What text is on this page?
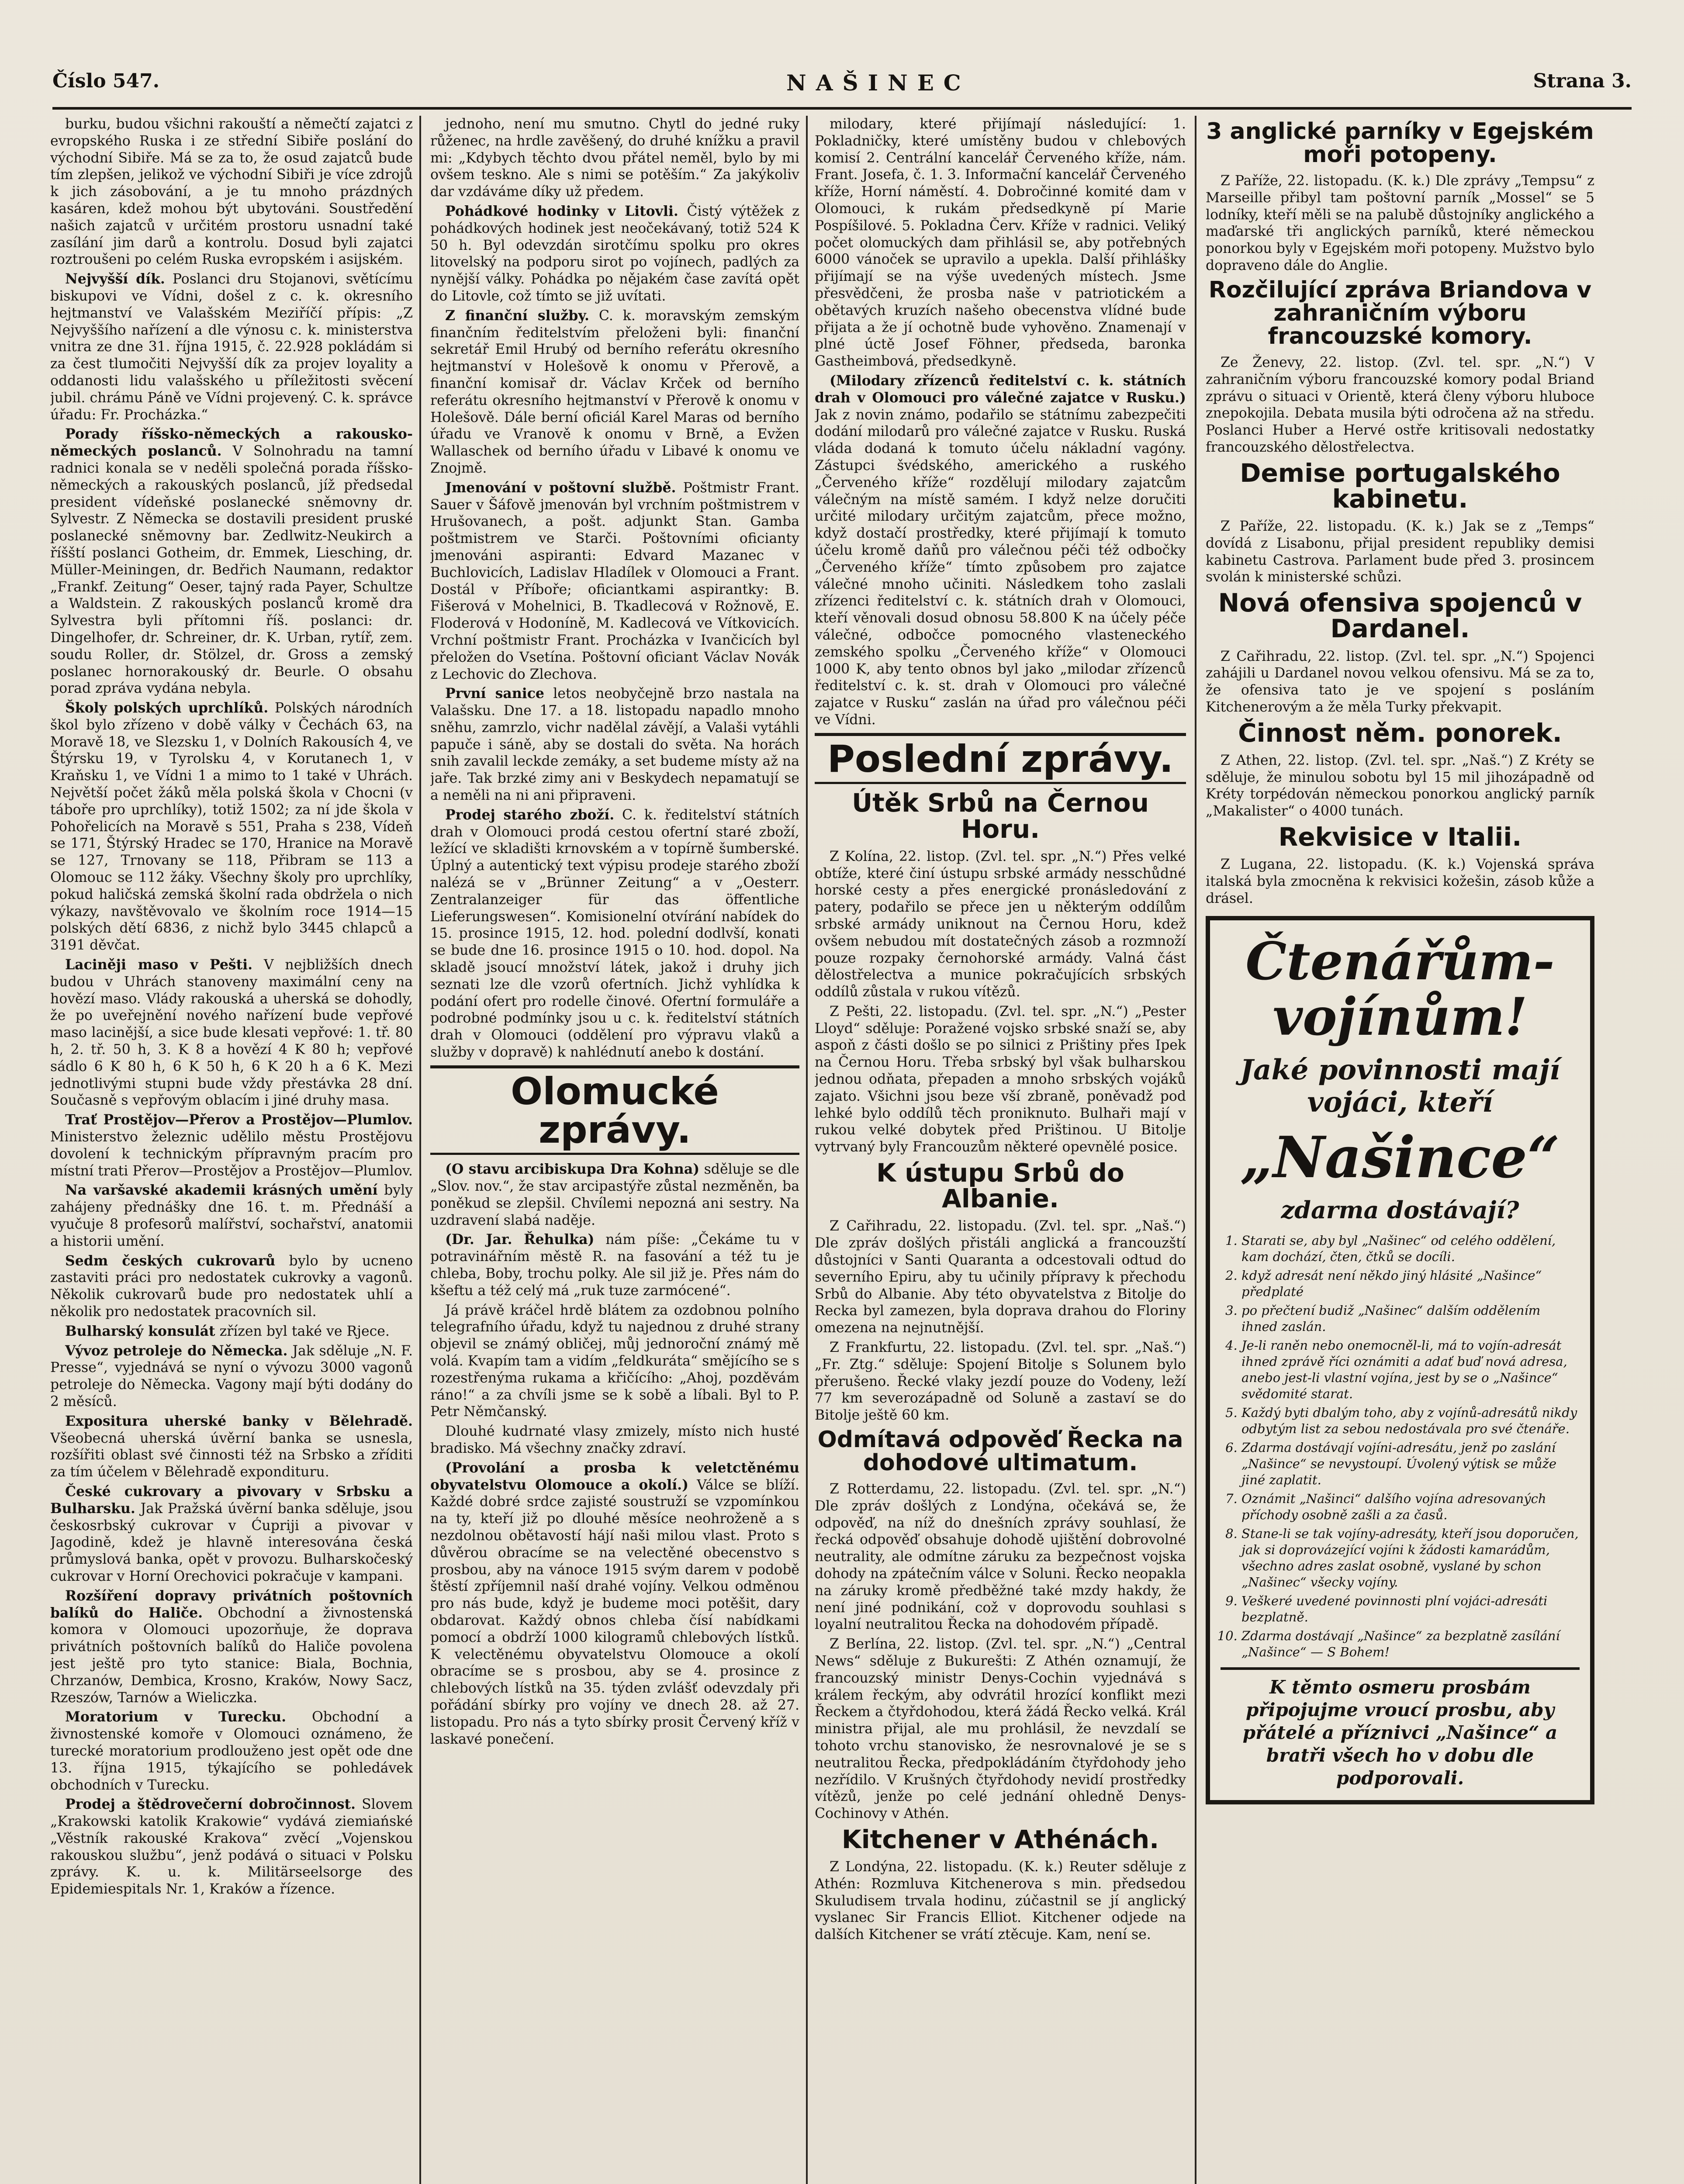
Číslo 547.	NAŠINEC	Strana 3.

burku, budou všichni rakouští a němečtí zajatci z evropského Ruska i ze střední Sibiře poslání do východní Sibiře. Má se za to, že osud zajatců bude tím zlepšen, jelikož ve východní Sibiři je více zdrojů k jich zásobování, a je tu mnoho prázdných kasáren, kdež mohou být ubytováni. Soustředění našich zajatců v určitém prostoru usnadní také zasílání jim darů a kontrolu. Dosud byli zajatci roztroušeni po celém Ruska evropském i asijském.

Nejvyšší dík. Poslanci dru Stojanovi, světícímu biskupovi ve Vídni, došel z c. k. okresního hejtmanství ve Valašském Meziříčí přípis: „Z Nejvyššího nařízení a dle výnosu c. k. ministerstva vnitra ze dne 31. října 1915, č. 22.928 pokládám si za čest tlumočiti Nejvyšší dík za projev loyality a oddanosti lidu valašského u příležitosti svěcení jubil. chrámu Páně ve Vídni projevený. C. k. správce úřadu: Fr. Procházka.“

Porady říšsko-německých a rakousko-německých poslanců. V Solnohradu na tamní radnici konala se v neděli společná porada říšsko-německých a rakouských poslanců, jíž předsedal president vídeňské poslanecké sněmovny dr. Sylvestr. Z Německa se dostavili president pruské poslanecké sněmovny bar. Zedlwitz-Neukirch a říšští poslanci Gotheim, dr. Emmek, Liesching, dr. Müller-Meiningen, dr. Bedřich Naumann, redaktor „Frankf. Zeitung“ Oeser, tajný rada Payer, Schultze a Waldstein. Z rakouských poslanců kromě dra Sylvestra byli přítomni říš. poslanci: dr. Dingelhofer, dr. Schreiner, dr. K. Urban, rytíř, zem. soudu Roller, dr. Stölzel, dr. Gross a zemský poslanec hornorakouský dr. Beurle. O obsahu porad zpráva vydána nebyla.

Školy polských uprchlíků. Polských národních škol bylo zřízeno v době války v Čechách 63, na Moravě 18, ve Slezsku 1, v Dolních Rakousích 4, ve Štýrsku 19, v Tyrolsku 4, v Korutanech 1, v Kraňsku 1, ve Vídni 1 a mimo to 1 také v Uhrách. Největší počet žáků měla polská škola v Chocni (v táboře pro uprchlíky), totiž 1502; za ní jde škola v Pohořelicích na Moravě s 551, Praha s 238, Vídeň se 171, Štýrský Hradec se 170, Hranice na Moravě se 127, Trnovany se 118, Přibram se 113 a Olomouc se 112 žáky. Všechny školy pro uprchlíky, pokud haličská zemská školní rada obdržela o nich výkazy, navštěvovalo ve školním roce 1914—15 polských dětí 6836, z nichž bylo 3445 chlapců a 3191 děvčat.

Laciněji maso v Pešti. V nejbližších dnech budou v Uhrách stanoveny maximální ceny na hovězí maso. Vlády rakouská a uherská se dohodly, že po uveřejnění nového nařízení bude vepřové maso lacinější, a sice bude klesati vepřové: 1. tř. 80 h, 2. tř. 50 h, 3. K 8 a hovězí 4 K 80 h; vepřové sádlo 6 K 80 h, 6 K 50 h, 6 K 20 h a 6 K. Mezi jednotlivými stupni bude vždy přestávka 28 dní. Současně s vepřovým oblacím i jiné druhy masa.

Trať Prostějov—Přerov a Prostějov—Plumlov. Ministerstvo železnic udělilo městu Prostějovu dovolení k technickým přípravným pracím pro místní trati Přerov—Prostějov a Prostějov—Plumlov.

Na varšavské akademii krásných umění byly zahájeny přednášky dne 16. t. m. Přednáší a vyučuje 8 profesorů malířství, sochařství, anatomii a historii umění.

Sedm českých cukrovarů bylo by ucneno zastaviti práci pro nedostatek cukrovky a vagonů. Několik cukrovarů bude pro nedostatek uhlí a několik pro nedostatek pracovních sil.

Bulharský konsulát zřízen byl také ve Rjece.

Vývoz petroleje do Německa. Jak sděluje „N. F. Presse“, vyjednává se nyní o vývozu 3000 vagonů petroleje do Německa. Vagony mají býti dodány do 2 měsíců.

Expositura uherské banky v Bělehradě. Všeobecná uherská úvěrní banka se usnesla, rozšířiti oblast své činnosti též na Srbsko a zříditi za tím účelem v Bělehradě expondituru.

České cukrovary a pivovary v Srbsku a Bulharsku. Jak Pražská úvěrní banka sděluje, jsou českosrbský cukrovar v Ćupriji a pivovar v Jagodině, kdež je hlavně interesována česká průmyslová banka, opět v provozu. Bulharskočeský cukrovar v Horní Orechovici pokračuje v kampani.

Rozšíření dopravy privátních poštovních balíků do Haliče. Obchodní a živnostenská komora v Olomouci upozorňuje, že doprava privátních poštovních balíků do Haliče povolena jest ještě pro tyto stanice: Biala, Bochnia, Chrzanów, Dembica, Krosno, Kraków, Nowy Sacz, Rzeszów, Tarnów a Wieliczka.

Moratorium v Turecku. Obchodní a živnostenské komoře v Olomouci oznámeno, že turecké moratorium prodlouženo jest opět ode dne 13. října 1915, týkajícího se pohledávek obchodních v Turecku.

Prodej a štědrovečerní dobročinnost. Slovem „Krakowski katolik Krakowie“ vydává ziemiańské „Věstník rakouské Krakova“ zvěcí „Vojenskou rakouskou službu“, jenž podává o situaci v Polsku zprávy. K. u. k. Militärseelsorge des Epidemiespitals Nr. 1, Kraków a řízence.

jednoho, není mu smutno. Chytl do jedné ruky růženec, na hrdle zavěšený, do druhé knížku a pravil mi: „Kdybych těchto dvou přátel neměl, bylo by mi ovšem teskno. Ale s nimi se potěším.“ Za jakýkoliv dar vzdáváme díky už předem.

Pohádkové hodinky v Litovli. Čistý výtěžek z pohádkových hodinek jest neočekávaný, totiž 524 K 50 h. Byl odevzdán sirotčímu spolku pro okres litovelský na podporu sirot po vojínech, padlých za nynější války. Pohádka po nějakém čase zavítá opět do Litovle, což tímto se již uvítati.

Z finanční služby. C. k. moravským zemským finančním ředitelstvím přeloženi byli: finanční sekretář Emil Hrubý od berního referátu okresního hejtmanství v Holešově k onomu v Přerově, a finanční komisař dr. Václav Krček od berního referátu okresního hejtmanství v Přerově k onomu v Holešově. Dále berní oficiál Karel Maras od berního úřadu ve Vranově k onomu v Brně, a Evžen Wallaschek od berního úřadu v Libavé k onomu ve Znojmě.

Jmenování v poštovní službě. Poštmistr Frant. Sauer v Šáfově jmenován byl vrchním poštmistrem v Hrušovanech, a pošt. adjunkt Stan. Gamba poštmistrem ve Starči. Poštovními oficianty jmenováni aspiranti: Edvard Mazanec v Buchlovicích, Ladislav Hladílek v Olomouci a Frant. Dostál v Příboře; oficiantkami aspirantky: B. Fišerová v Mohelnici, B. Tkadlecová v Rožnově, E. Floderová v Hodoníně, M. Kadlecová ve Vítkovicích. Vrchní poštmistr Frant. Procházka v Ivančicích byl přeložen do Vsetína. Poštovní oficiant Václav Novák z Lechovic do Zlechova.

První sanice letos neobyčejně brzo nastala na Valašsku. Dne 17. a 18. listopadu napadlo mnoho sněhu, zamrzlo, vichr nadělal závějí, a Valaši vytáhli papuče i sáně, aby se dostali do světa. Na horách snih zavalil leckde zemáky, a set budeme místy až na jaře. Tak brzké zimy ani v Beskydech nepamatují se a neměli na ni ani připraveni.

Prodej starého zboží. C. k. ředitelství státních drah v Olomouci prodá cestou ofertní staré zboží, ležící ve skladišti krnovském a v topírně šumberské. Úplný a autentický text výpisu prodeje starého zboží nalézá se v „Brünner Zeitung“ a v „Oesterr. Zentralanzeiger für das öffentliche Lieferungswesen“. Komisionelní otvírání nabídek do 15. prosince 1915, 12. hod. polední dodlvší, konati se bude dne 16. prosince 1915 o 10. hod. dopol. Na skladě jsoucí množství látek, jakož i druhy jich seznati lze dle vzorů ofertních. Jichž vyhlídka k podání ofert pro rodelle činové. Ofertní formuláře a podrobné podmínky jsou u c. k. ředitelství státních drah v Olomouci (oddělení pro výpravu vlaků a služby v dopravě) k nahlédnutí anebo k dostání.

Olomucké zprávy.

(O stavu arcibiskupa Dra Kohna) sděluje se dle „Slov. nov.“, že stav arcipastýře zůstal nezměněn, ba poněkud se zlepšil. Chvílemi nepozná ani sestry. Na uzdravení slabá naděje.

(Dr. Jar. Řehulka) nám píše: „Čekáme tu v potravinářním městě R. na fasování a též tu je chleba, Boby, trochu polky. Ale sil již je. Přes nám do kšeftu a též celý má „ruk tuze zarmócené“.

Já právě kráčel hrdě blátem za ozdobnou polního telegrafního úřadu, když tu najednou z druhé strany objevil se známý obličej, můj jednoroční známý mě volá. Kvapím tam a vidím „feldkuráta“ smějícího se s rozestřenýma rukama a křičícího: „Ahoj, pozděvám ráno!“ a za chvíli jsme se k sobě a líbali. Byl to P. Petr Němčanský.

Dlouhé kudrnaté vlasy zmizely, místo nich husté bradisko. Má všechny značky zdraví.

(Provolání a prosba k veletctěnému obyvatelstvu Olomouce a okolí.) Válce se blíží. Každé dobré srdce zajisté soustruží se vzpomínkou na ty, kteří již po dlouhé měsíce neohroženě a s nezdolnou obětavostí hájí naši milou vlast. Proto s důvěrou obracíme se na velectěné obecenstvo s prosbou, aby na vánoce 1915 svým darem v podobě štěstí zpříjemnil naší drahé vojíny. Velkou odměnou pro nás bude, když je budeme moci potěšit, dary obdarovat. Každý obnos chleba čísí nabídkami pomocí a obdrží 1000 kilogramů chlebových lístků. K velectěnému obyvatelstvu Olomouce a okolí obracíme se s prosbou, aby se 4. prosince z chlebových lístků na 35. týden zvlášť odevzdaly při pořádání sbírky pro vojíny ve dnech 28. až 27. listopadu. Pro nás a tyto sbírky prosit Červený kříž v laskavé ponečení.

milodary, které přijímají následující: 1. Pokladničky, které umístěny budou v chlebových komisí 2. Centrální kancelář Červeného kříže, nám. Frant. Josefa, č. 1. 3. Informační kancelář Červeného kříže, Horní náměstí. 4. Dobročinné komité dam v Olomouci, k rukám předsedkyně pí Marie Pospíšilové. 5. Pokladna Červ. Kříže v radnici. Veliký počet olomuckých dam přihlásil se, aby potřebných 6000 vánoček se upravilo a upekla. Další přihlášky přijímají se na výše uvedených místech. Jsme přesvědčeni, že prosba naše v patriotickém a obětavých kruzích našeho obecenstva vlídné bude přijata a že jí ochotně bude vyhověno. Znamenají v plné úctě Josef Föhner, předseda, baronka Gastheimbová, předsedkyně.

(Milodary zřízenců ředitelství c. k. státních drah v Olomouci pro válečné zajatce v Rusku.) Jak z novin známo, podařilo se státnímu zabezpečiti dodání milodarů pro válečné zajatce v Rusku. Ruská vláda dodaná k tomuto účelu nákladní vagóny. Zástupci švédského, amerického a ruského „Červeného kříže“ rozdělují milodary zajatcům válečným na místě samém. I když nelze doručiti určité milodary určitým zajatcům, přece možno, když dostačí prostředky, které přijímají k tomuto účelu kromě daňů pro válečnou péči též odbočky „Červeného kříže“ tímto způsobem pro zajatce válečné mnoho učiniti. Následkem toho zaslali zřízenci ředitelství c. k. státních drah v Olomouci, kteří věnovali dosud obnosu 58.800 K na účely péče válečné, odbočce pomocného vlasteneckého zemského spolku „Červeného kříže“ v Olomouci 1000 K, aby tento obnos byl jako „milodar zřízenců ředitelství c. k. st. drah v Olomouci pro válečné zajatce v Rusku“ zaslán na úřad pro válečnou péči ve Vídni.

Poslední zprávy.
Útěk Srbů na Černou Horu.

Z Kolína, 22. listop. (Zvl. tel. spr. „N.“) Přes velké obtíže, které činí ústupu srbské armády nesschůdné horské cesty a přes energické pronásledování z patery, podařilo se přece jen u některým oddílům srbské armády uniknout na Černou Horu, kdež ovšem nebudou mít dostatečných zásob a rozmnoží pouze rozpaky černohorské armády. Valná část dělostřelectva a munice pokračujících srbských oddílů zůstala v rukou vítězů.

Z Pešti, 22. listopadu. (Zvl. tel. spr. „N.“) „Pester Lloyd“ sděluje: Poražené vojsko srbské snaží se, aby aspoň z části došlo se po silnici z Prištiny přes Ipek na Černou Horu. Třeba srbský byl však bulharskou jednou odňata, přepaden a mnoho srbských vojáků zajato. Všichni jsou beze vší zbraně, poněvadž pod lehké bylo oddílů těch proniknuto. Bulhaři mají v rukou velké dobytek před Prištinou. U Bitolje vytrvaný byly Francouzům některé opevnělé posice.

K ústupu Srbů do Albanie.

Z Cařihradu, 22. listopadu. (Zvl. tel. spr. „Naš.“) Dle zpráv došlých přistáli anglická a francouzští důstojníci v Santi Quaranta a odcestovali odtud do severního Epiru, aby tu učinily přípravy k přechodu Srbů do Albanie. Aby této obyvatelstva z Bitolje do Recka byl zamezen, byla doprava drahou do Floriny omezena na nejnutnější.

Z Frankfurtu, 22. listopadu. (Zvl. tel. spr. „Naš.“) „Fr. Ztg.“ sděluje: Spojení Bitolje s Solunem bylo přerušeno. Řecké vlaky jezdí pouze do Vodeny, leží 77 km severozápadně od Soluně a zastaví se do Bitolje ještě 60 km.

Odmítavá odpověď Řecka na dohodové ultimatum.

Z Rotterdamu, 22. listopadu. (Zvl. tel. spr. „N.“) Dle zpráv došlých z Londýna, očekává se, že odpověď, na níž do dnešních zprávy souhlasí, že řecká odpověď obsahuje dohodě ujištění dobrovolné neutrality, ale odmítne záruku za bezpečnost vojska dohody na zpátečním válce v Soluni. Řecko neopakla na záruky kromě předběžné také mzdy hakdy, že není jiné podnikání, což v doprovodu souhlasi s loyalní neutralitou Řecka na dohodovém případě.

Z Berlína, 22. listop. (Zvl. tel. spr. „N.“) „Central News“ sděluje z Bukurešti: Z Athén oznamují, že francouzský ministr Denys-Cochin vyjednává s králem řeckým, aby odvrátil hrozící konflikt mezi Řeckem a čtyřdohodou, která žádá Řecko velká. Král ministra přijal, ale mu prohlásil, že nevzdalí se tohoto vrchu stanovisko, že nesrovnalové je se s neutralitou Řecka, předpokládáním čtyřdohody jeho nezřídilo. V Krušných čtyřdohody nevidí prostředky vítězů, jenže po celé jednání ohledně Denys-Cochinovy v Athén.

Kitchener v Athénách.

Z Londýna, 22. listopadu. (K. k.) Reuter sděluje z Athén: Rozmluva Kitchenerova s min. předsedou Skuludisem trvala hodinu, zúčastnil se jí anglický vyslanec Sir Francis Elliot. Kitchener odjede na dalších Kitchener se vrátí ztěcuje. Kam, není se.

3 anglické parníky v Egejském moři potopeny.

Z Paříže, 22. listopadu. (K. k.) Dle zprávy „Tempsu“ z Marseille přibyl tam poštovní parník „Mossel“ se 5 lodníky, kteří měli se na palubě důstojníky anglického a maďarské tři anglických parníků, které německou ponorkou byly v Egejském moři potopeny. Mužstvo bylo dopraveno dále do Anglie.

Rozčilující zpráva Briandova v zahraničním výboru francouzské komory.

Ze Ženevy, 22. listop. (Zvl. tel. spr. „N.“) V zahraničním výboru francouzské komory podal Briand zprávu o situaci v Orientě, která členy výboru hluboce znepokojila. Debata musila býti odročena až na středu. Poslanci Huber a Hervé ostře kritisovali nedostatky francouzského dělostřelectva.

Demise portugalského kabinetu.

Z Paříže, 22. listopadu. (K. k.) Jak se z „Temps“ dovídá z Lisabonu, přijal president republiky demisi kabinetu Castrova. Parlament bude před 3. prosincem svolán k ministerské schůzi.

Nová ofensiva spojenců v Dardanel.

Z Cařihradu, 22. listop. (Zvl. tel. spr. „N.“) Spojenci zahájili u Dardanel novou velkou ofensivu. Má se za to, že ofensiva tato je ve spojení s posláním Kitchenerovým a že měla Turky překvapit.

Činnost něm. ponorek.

Z Athen, 22. listop. (Zvl. tel. spr. „Naš.“) Z Kréty se sděluje, že minulou sobotu byl 15 mil jihozápadně od Kréty torpédován německou ponorkou anglický parník „Makalister“ o 4000 tunách.

Rekvisice v Italii.

Z Lugana, 22. listopadu. (K. k.) Vojenská správa italská byla zmocněna k rekvisici kožešin, zásob kůže a drásel.

Čtenářům-vojínům!
Jaké povinnosti mají vojáci, kteří
„Našince“
zdarma dostávají?
1. Starati se, aby byl „Našinec“ od celého oddělení, kam dochází, čten, čtků se docíli.
2. když adresát není někdo jiný hlásité „Našince“ předplaté
3. po přečtení budiž „Našinec“ dalším oddělením ihned zaslán.
4. Je-li raněn nebo onemocněl-li, má to vojín-adresát ihned zprávě říci oznámiti a adať buď nová adresa, anebo jest-li vlastní vojína, jest by se o „Našince“ svědomité starat.
5. Každý byti dbalým toho, aby z vojínů-adresátů nikdy odbytým list za sebou nedostávala pro své čtenáře.
6. Zdarma dostávají vojíni-adresátu, jenž po zaslání „Našince“ se nevystoupí. Úvolený výtisk se může jiné zaplatit.
7. Oznámit „Našinci“ dalšího vojína adresovaných příchody osobně zašli a za časů.
8. Stane-li se tak vojíny-adresáty, kteří jsou doporučen, jak si doprovázející vojíni k žádosti kamarádům, všechno adres zaslat osobně, vyslané by schon „Našinec“ všecky vojíny.
9. Veškeré uvedené povinnosti plní vojáci-adresáti bezplatně.
10. Zdarma dostávají „Našince“ za bezplatně zasílání „Našince“ — S Bohem!
K těmto osmeru prosbám připojujme vroucí prosbu, aby přátelé a příznivci „Našince“ a bratři všech ho v dobu dle podporovali.
